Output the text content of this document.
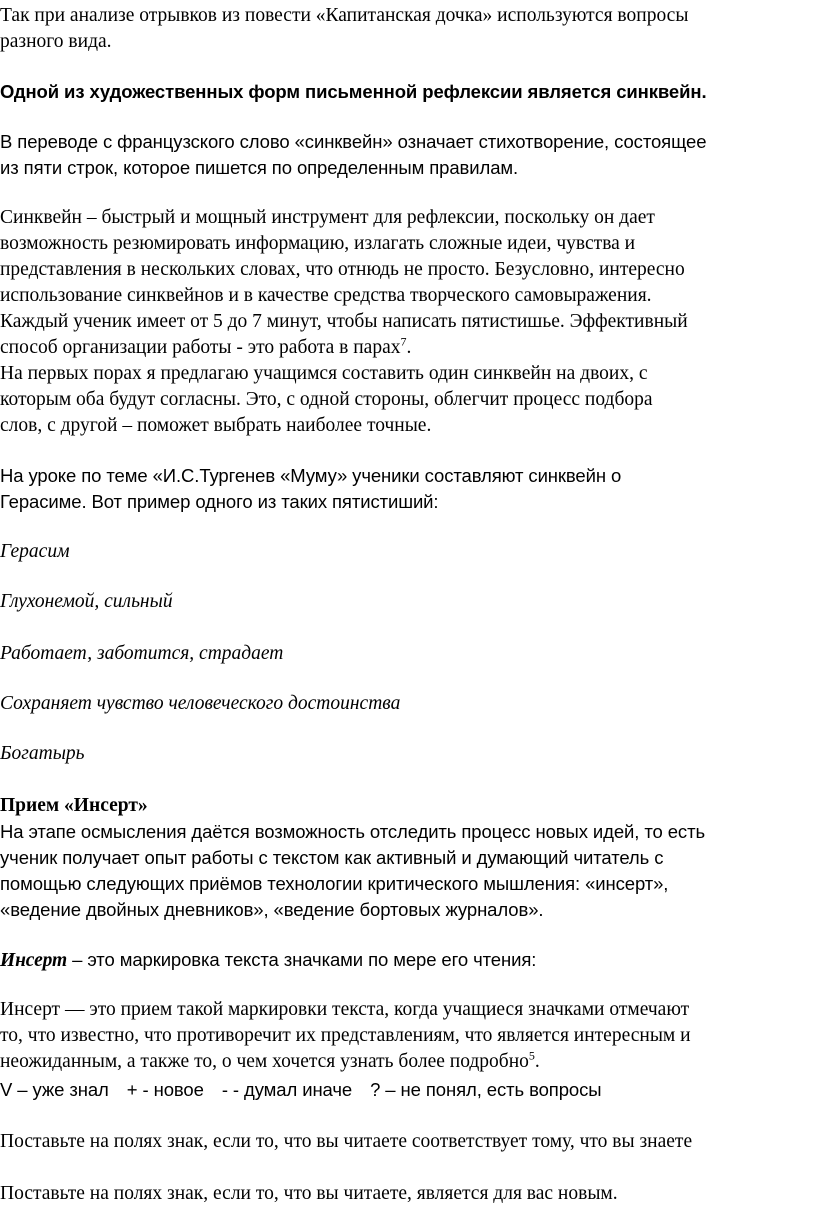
Так при анализе отрывков из повести «Капитанская дочка» используются вопросы
разного вида.
Одной из художественных форм письменной рефлексии является синквейн.
В переводе с французского слово «синквейн» означает стихотворение, состоящее
из пяти строк, которое пишется по определенным правилам.
Синквейн – быстрый и мощный инструмент для рефлексии, поскольку он дает
возможность резюмировать информацию, излагать сложные идеи, чувства и
представления в нескольких словах, что отнюдь не просто. Безусловно, интересно
использование синквейнов и в качестве средства творческого самовыражения.
Каждый ученик имеет от 5 до 7 минут, чтобы написать пятистишье. Эффективный
способ организации работы - это работа в парах$^7$.
На первых порах я предлагаю учащимся составить один синквейн на двоих, с
которым оба будут согласны. Это, с одной стороны, облегчит процесс подбора
слов, с другой – поможет выбрать наиболее точные.
На уроке по теме «И.С.Тургенев «Муму» ученики составляют синквейн о
Герасиме. Вот пример одного из таких пятистиший:
Герасим
Глухонемой, сильный
Работает, заботится, страдает
Сохраняет чувство человеческого достоинства
Богатырь
Прием «Инсерт»
На этапе осмысления даётся возможность отследить процесс новых идей, то есть
ученик получает опыт работы с текстом как активный и думающий читатель с
помощью следующих приёмов технологии критического мышления: «инсерт»,
«ведение двойных дневников», «ведение бортовых журналов».
Инсерт – это маркировка текста значками по мере его чтения:
Инсерт — это прием такой маркировки текста, когда учащиеся значками отмечают
то, что известно, что противоречит их представлениям, что является интересным и
неожиданным, а также то, о чем хочется узнать более подробно$^5$.
V – уже знал + - новое - - думал иначе ? – не понял, есть вопросы
Поставьте на полях знак, если то, что вы читаете соответствует тому, что вы знаете
Поставьте на полях знак, если то, что вы читаете, является для вас новым.
